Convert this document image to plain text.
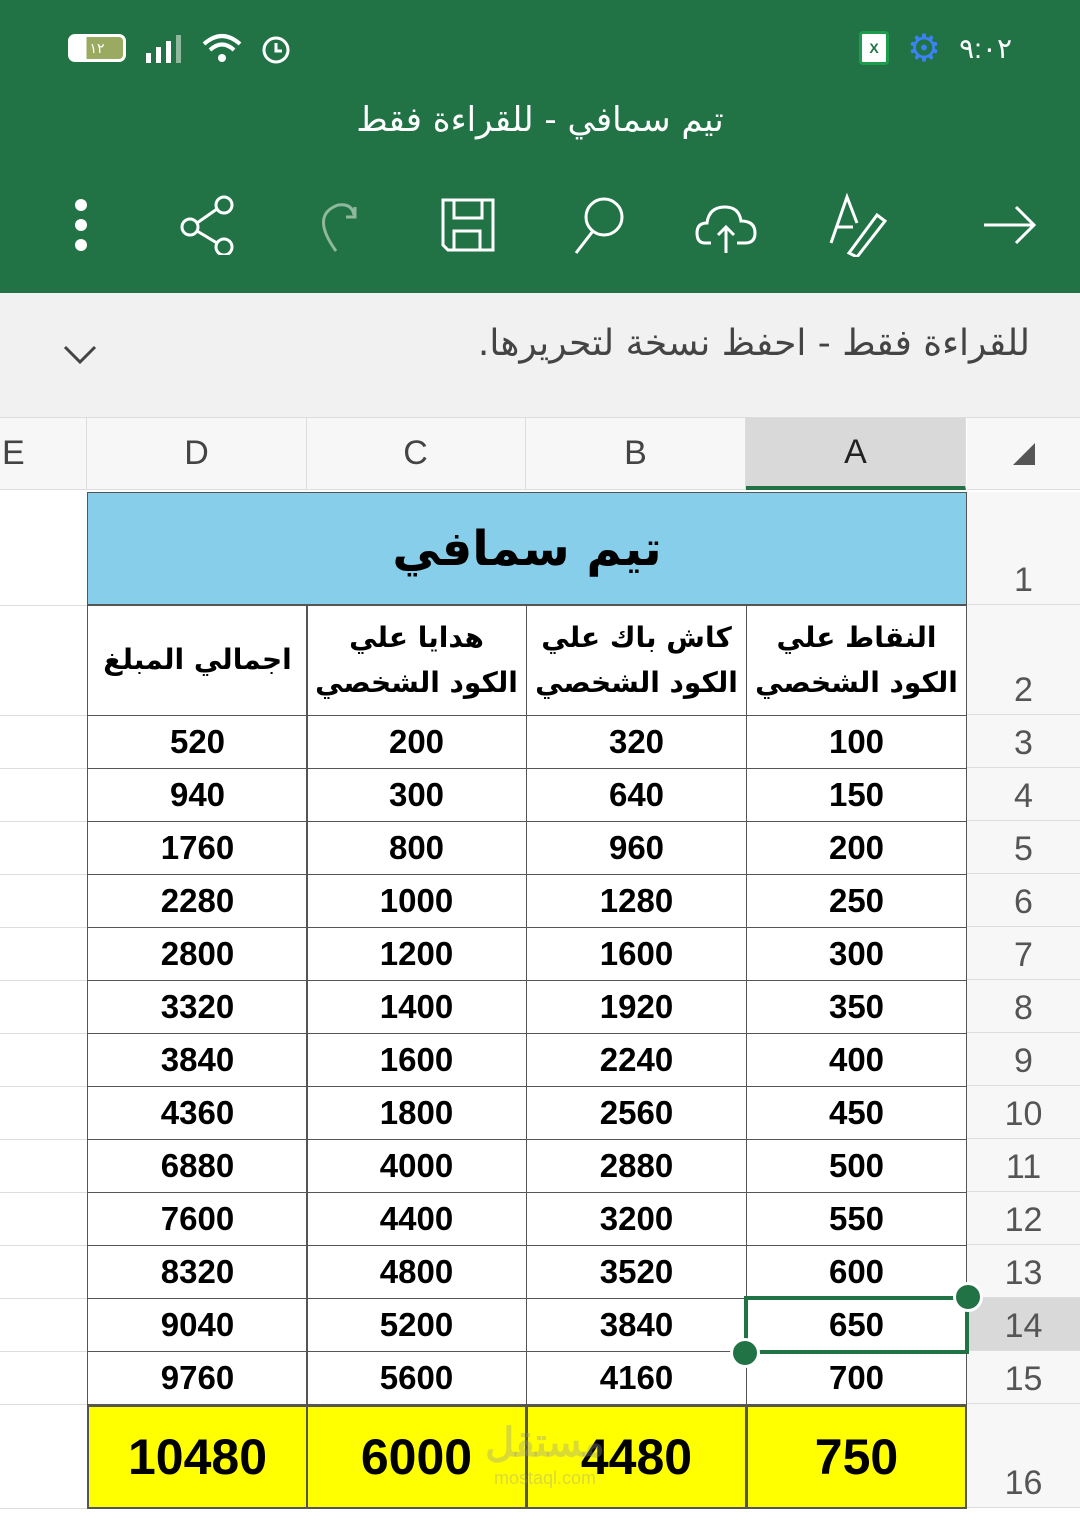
١٢	X ⚙ ٩:٠٢
تيم سمافي - للقراءة فقط
للقراءة فقط - احفظ نسخة لتحريرها.
A
B
C
D
E
1
2
3
4
5
6
7
8
9
10
11
12
13
14
15
16
تيم سمافي
النقاط علي الكود الشخصي
100
150
200
250
300
350
400
450
500
550
600
650
700
750
كاش باك علي الكود الشخصي
320
640
960
1280
1600
1920
2240
2560
2880
3200
3520
3840
4160
4480
هدايا علي الكود الشخصي
200
300
800
1000
1200
1400
1600
1800
4000
4400
4800
5200
5600
6000
اجمالي المبلغ
520
940
1760
2280
2800
3320
3840
4360
6880
7600
8320
9040
9760
10480	مستقل
mostaql.com
